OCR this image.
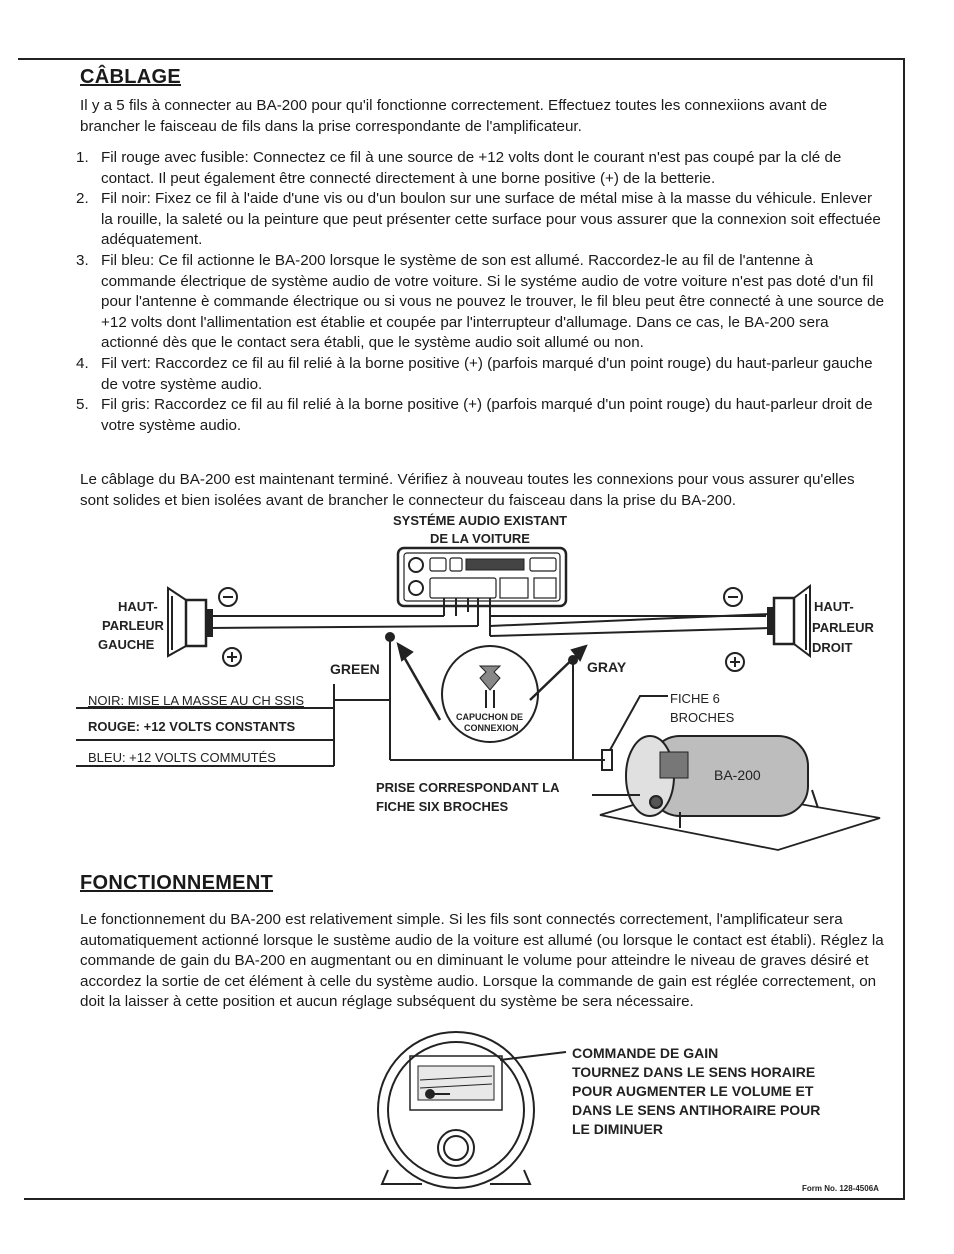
CÂBLAGE

Il y a 5 fils à connecter au BA-200 pour qu'il fonctionne correctement. Effectuez toutes les connexiions avant de brancher le faisceau de fils dans la prise correspondante de l'amplificateur.

1. Fil rouge avec fusible: Connectez ce fil à une source de +12 volts dont le courant n'est pas coupé par la clé de contact. Il peut également être connecté directement à une borne positive (+) de la betterie.
2. Fil noir: Fixez ce fil à l'aide d'une vis ou d'un boulon sur une surface de métal mise à la masse du véhicule. Enlever la rouille, la saleté ou la peinture que peut présenter cette surface pour vous assurer que la connexion soit effectuée adéquatement.
3. Fil bleu: Ce fil actionne le BA-200 lorsque le système de son est allumé. Raccordez-le au fil de l'antenne à commande électrique de système audio de votre voiture. Si le systéme audio de votre voiture n'est pas doté d'un fil pour l'antenne è commande électrique ou si vous ne pouvez le trouver, le fil bleu peut être connecté à une source de +12 volts dont l'allimentation est établie et coupée par l'interrupteur d'allumage. Dans ce cas, le BA-200 sera actionné dès que le contact sera établi, que le système audio soit allumé ou non.
4. Fil vert: Raccordez ce fil au fil relié à la borne positive (+) (parfois marqué d'un point rouge) du haut-parleur gauche de votre système audio.
5. Fil gris: Raccordez ce fil au fil relié à la borne positive (+) (parfois marqué d'un point rouge) du haut-parleur droit de votre système audio.

Le câblage du BA-200 est maintenant terminé. Vérifiez à nouveau toutes les connexions pour vous assurer qu'elles sont solides et bien isolées avant de brancher le connecteur du faisceau dans la prise du BA-200.

SYSTÉME AUDIO EXISTANT
DE LA VOITURE
HAUT-
PARLEUR
GAUCHE
HAUT-
PARLEUR
DROIT
GREEN	GRAY
NOIR: MISE LA MASSE AU CH SSIS
ROUGE: +12 VOLTS CONSTANTS
BLEU: +12 VOLTS COMMUTÉS
CAPUCHON DE
CONNEXION
FICHE 6
BROCHES
PRISE CORRESPONDANT LA
FICHE SIX BROCHES
BA-200
FONCTIONNEMENT

Le fonctionnement du BA-200 est relativement simple. Si les fils sont connectés correctement, l'amplificateur sera automatiquement actionné lorsque le sustème audio de la voiture est allumé (ou lorsque le contact est établi). Réglez la commande de gain du BA-200 en augmentant ou en diminuant le volume pour atteindre le niveau de graves désiré et accordez la sortie de cet élément à celle du système audio. Lorsque la commande de gain est réglée correctement, on doit la laisser à cette position et aucun réglage subséquent du système be sera nécessaire.

COMMANDE DE GAIN
TOURNEZ DANS LE SENS HORAIRE
POUR AUGMENTER LE VOLUME ET
DANS LE SENS ANTIHORAIRE POUR
LE DIMINUER
Form No. 128-4506A
